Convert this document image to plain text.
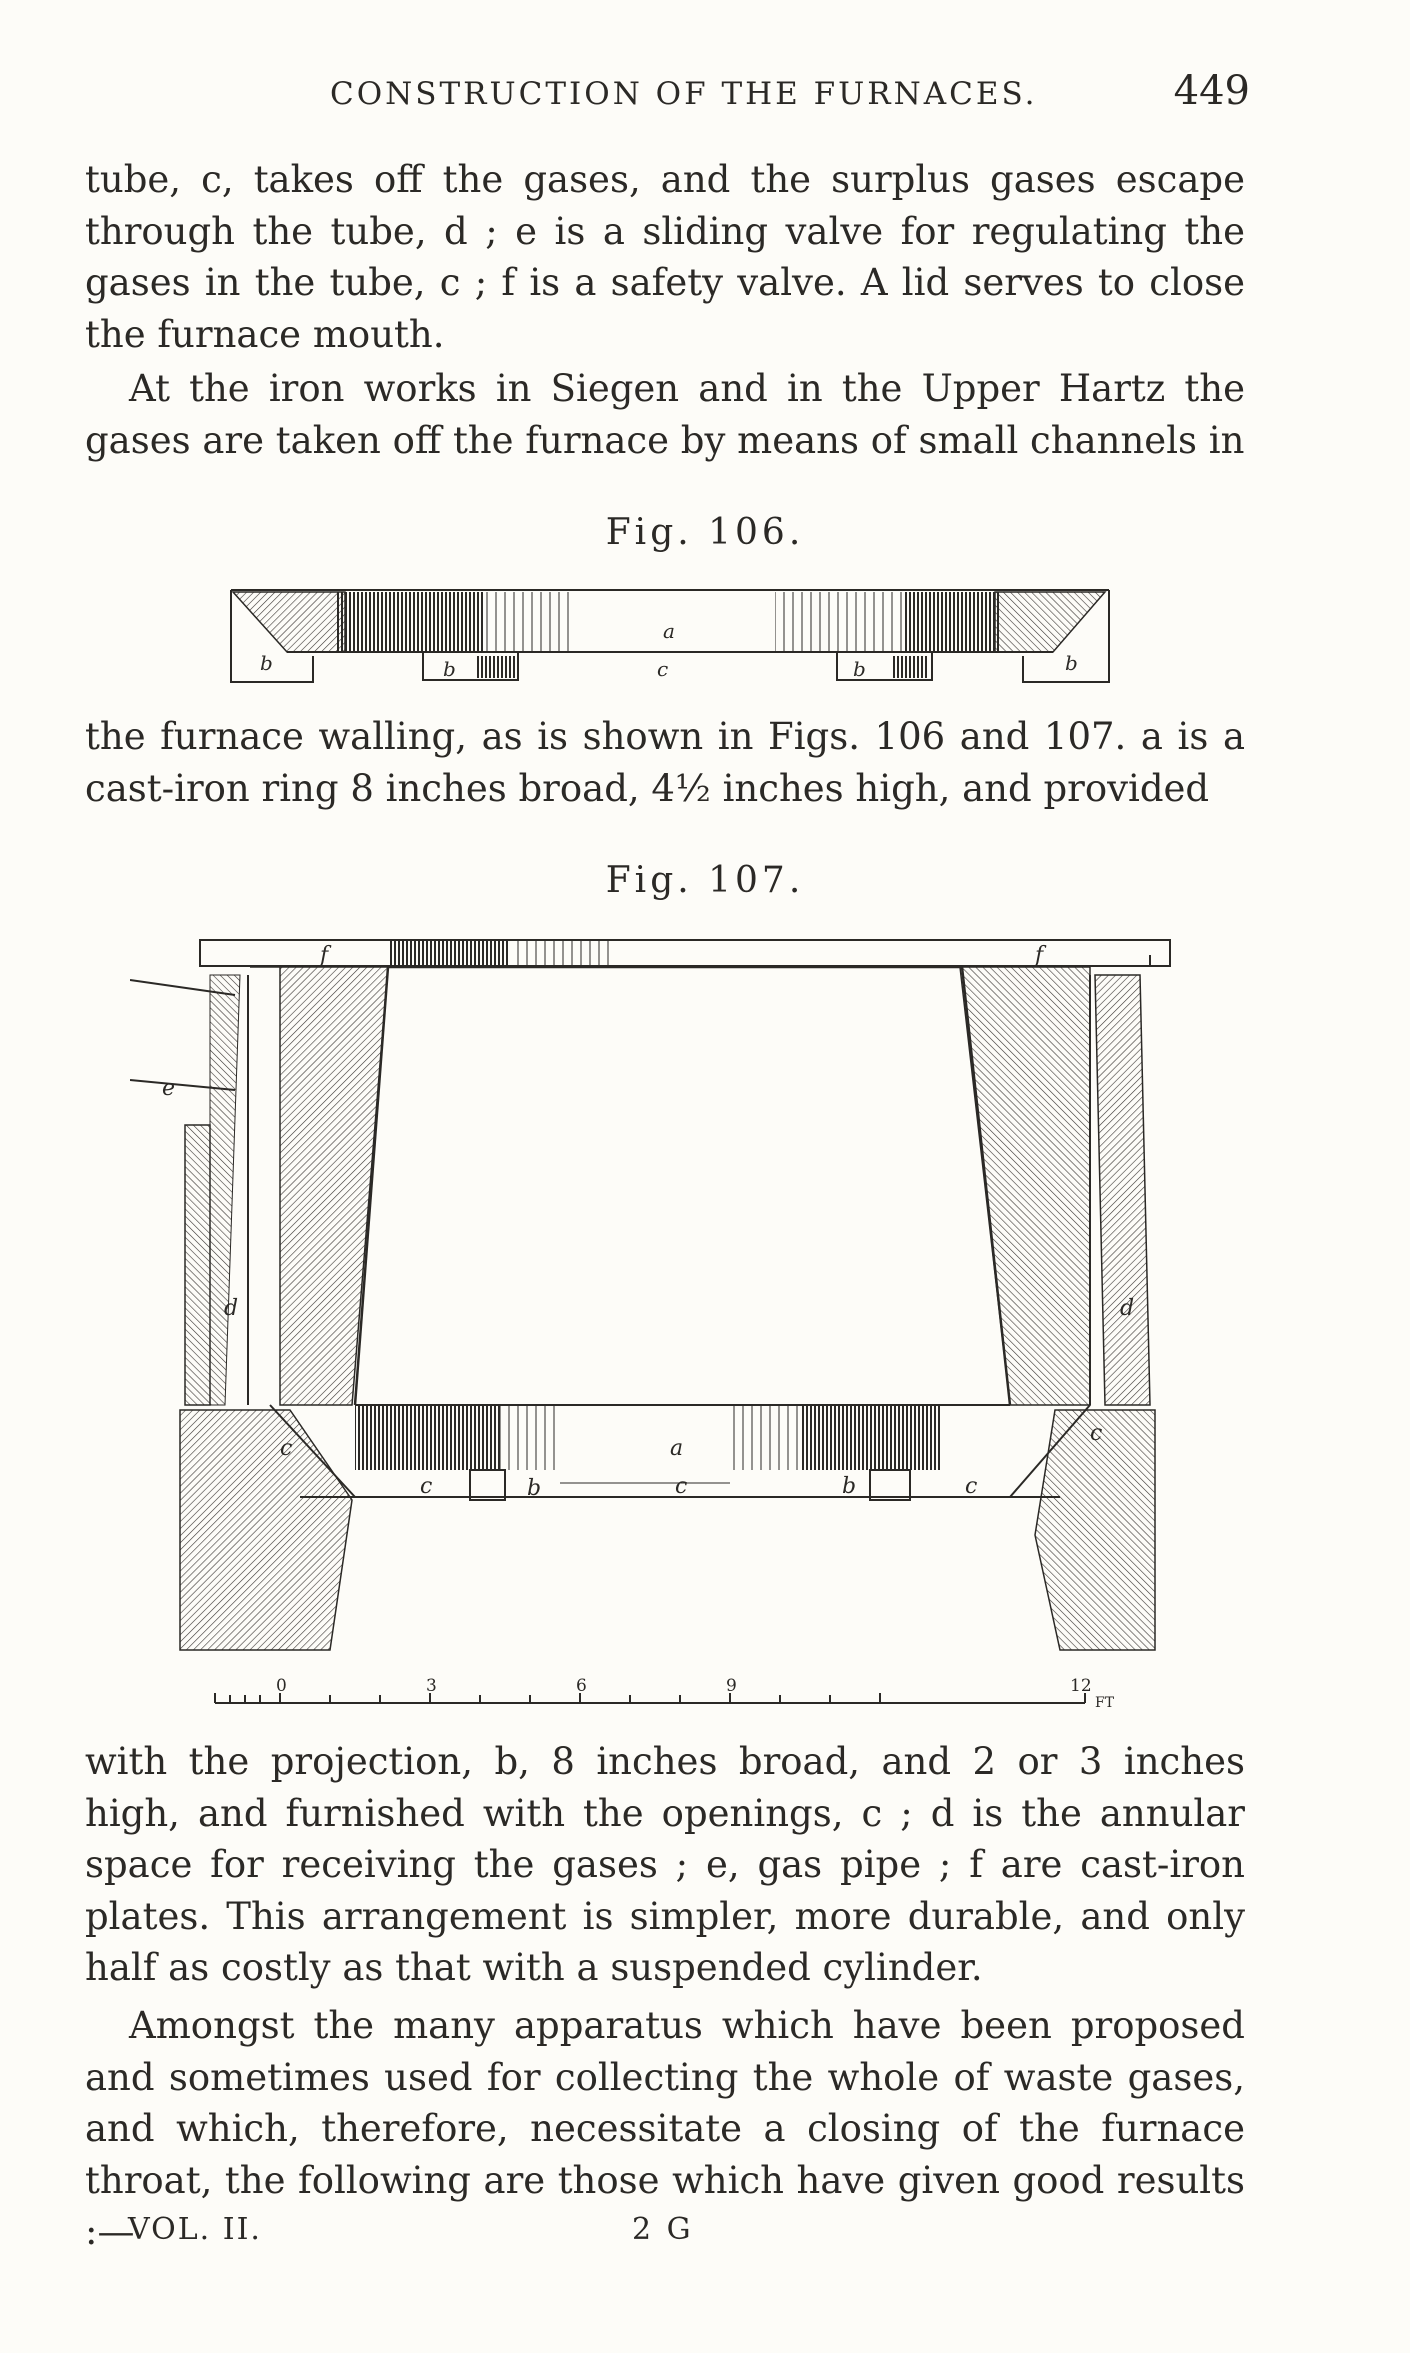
CONSTRUCTION OF THE FURNACES.	449

tube, c, takes off the gases, and the surplus gases escape through the tube, d ; e is a sliding valve for regulating the gases in the tube, c ; f is a safety valve. A lid serves to close the furnace mouth.

At the iron works in Siegen and in the Upper Hartz the gases are taken off the furnace by means of small channels in

Fig. 106.
a
b	b
c
b	b

the furnace walling, as is shown in Figs. 106 and 107. a is a cast-iron ring 8 inches broad, 4½ inches high, and provided

Fig. 107.
0	3	6	9	12
FT
f	f
e
d	d
a
b	b
c
c
c	c	c

with the projection, b, 8 inches broad, and 2 or 3 inches high, and furnished with the openings, c ; d is the annular space for receiving the gases ; e, gas pipe ; f are cast-iron plates. This arrangement is simpler, more durable, and only half as costly as that with a suspended cylinder.

Amongst the many apparatus which have been proposed and sometimes used for collecting the whole of waste gases, and which, therefore, necessitate a closing of the furnace throat, the following are those which have given good results :—

VOL. II.	2 G
